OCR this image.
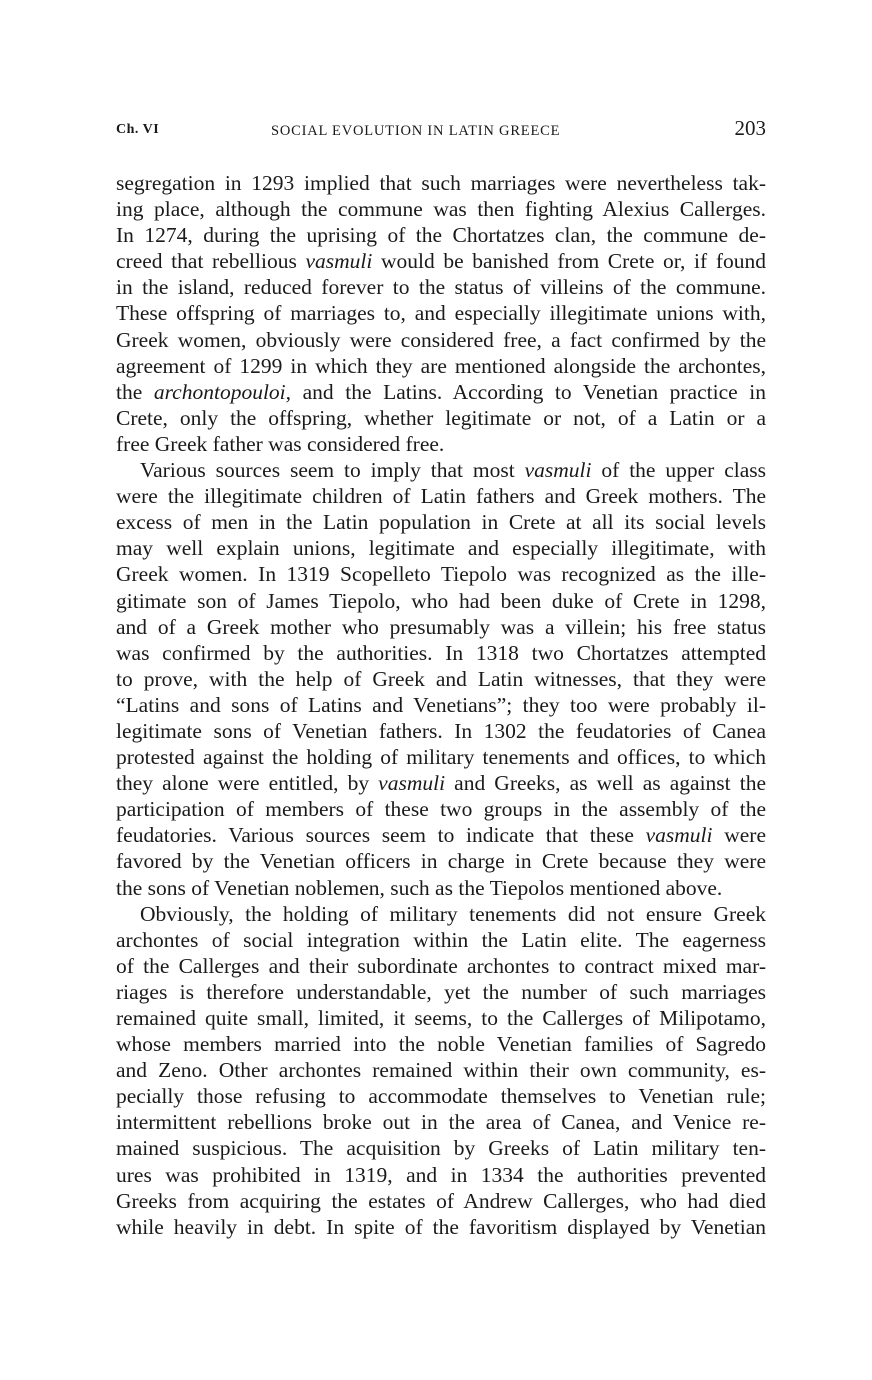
Ch. VI	SOCIAL EVOLUTION IN LATIN GREECE	203
segregation in 1293 implied that such marriages were nevertheless tak-
ing place, although the commune was then fighting Alexius Callerges.
In 1274, during the uprising of the Chortatzes clan, the commune de-
creed that rebellious vasmuli would be banished from Crete or, if found
in the island, reduced forever to the status of villeins of the commune.
These offspring of marriages to, and especially illegitimate unions with,
Greek women, obviously were considered free, a fact confirmed by the
agreement of 1299 in which they are mentioned alongside the archontes,
the archontopouloi, and the Latins. According to Venetian practice in
Crete, only the offspring, whether legitimate or not, of a Latin or a
free Greek father was considered free.
Various sources seem to imply that most vasmuli of the upper class
were the illegitimate children of Latin fathers and Greek mothers. The
excess of men in the Latin population in Crete at all its social levels
may well explain unions, legitimate and especially illegitimate, with
Greek women. In 1319 Scopelleto Tiepolo was recognized as the ille-
gitimate son of James Tiepolo, who had been duke of Crete in 1298,
and of a Greek mother who presumably was a villein; his free status
was confirmed by the authorities. In 1318 two Chortatzes attempted
to prove, with the help of Greek and Latin witnesses, that they were
“Latins and sons of Latins and Venetians”; they too were probably il-
legitimate sons of Venetian fathers. In 1302 the feudatories of Canea
protested against the holding of military tenements and offices, to which
they alone were entitled, by vasmuli and Greeks, as well as against the
participation of members of these two groups in the assembly of the
feudatories. Various sources seem to indicate that these vasmuli were
favored by the Venetian officers in charge in Crete because they were
the sons of Venetian noblemen, such as the Tiepolos mentioned above.
Obviously, the holding of military tenements did not ensure Greek
archontes of social integration within the Latin elite. The eagerness
of the Callerges and their subordinate archontes to contract mixed mar-
riages is therefore understandable, yet the number of such marriages
remained quite small, limited, it seems, to the Callerges of Milipotamo,
whose members married into the noble Venetian families of Sagredo
and Zeno. Other archontes remained within their own community, es-
pecially those refusing to accommodate themselves to Venetian rule;
intermittent rebellions broke out in the area of Canea, and Venice re-
mained suspicious. The acquisition by Greeks of Latin military ten-
ures was prohibited in 1319, and in 1334 the authorities prevented
Greeks from acquiring the estates of Andrew Callerges, who had died
while heavily in debt. In spite of the favoritism displayed by Venetian
